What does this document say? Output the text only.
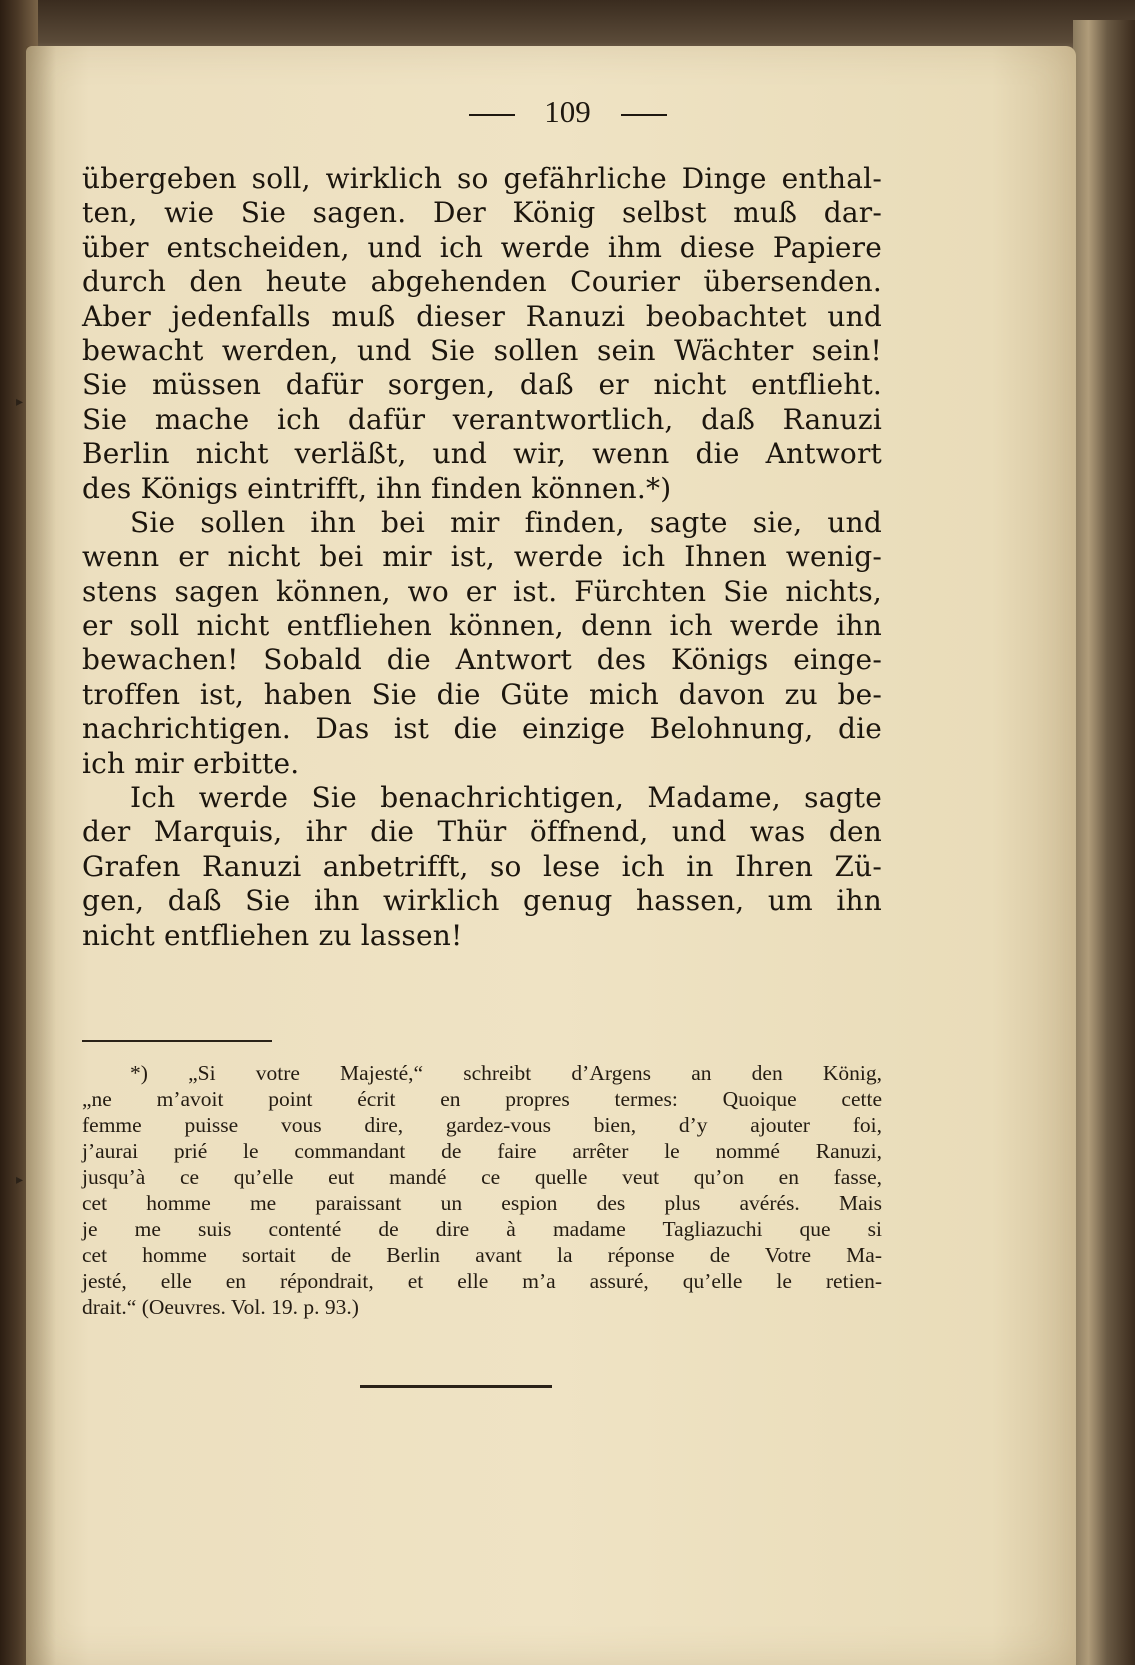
▸
▸
109
übergeben soll, wirklich so gefährliche Dinge enthal-
ten, wie Sie sagen. Der König selbst muß dar-
über entscheiden, und ich werde ihm diese Papiere
durch den heute abgehenden Courier übersenden.
Aber jedenfalls muß dieser Ranuzi beobachtet und
bewacht werden, und Sie sollen sein Wächter sein!
Sie müssen dafür sorgen, daß er nicht entflieht.
Sie mache ich dafür verantwortlich, daß Ranuzi
Berlin nicht verläßt, und wir, wenn die Antwort
des Königs eintrifft, ihn finden können.*)
Sie sollen ihn bei mir finden, sagte sie, und
wenn er nicht bei mir ist, werde ich Ihnen wenig-
stens sagen können, wo er ist. Fürchten Sie nichts,
er soll nicht entfliehen können, denn ich werde ihn
bewachen! Sobald die Antwort des Königs einge-
troffen ist, haben Sie die Güte mich davon zu be-
nachrichtigen. Das ist die einzige Belohnung, die
ich mir erbitte.
Ich werde Sie benachrichtigen, Madame, sagte
der Marquis, ihr die Thür öffnend, und was den
Grafen Ranuzi anbetrifft, so lese ich in Ihren Zü-
gen, daß Sie ihn wirklich genug hassen, um ihn
nicht entfliehen zu lassen!
*) „Si votre Majesté,“ schreibt d’Argens an den König,
„ne m’avoit point écrit en propres termes: Quoique cette
femme puisse vous dire, gardez-vous bien, d’y ajouter foi,
j’aurai prié le commandant de faire arrêter le nommé Ranuzi,
jusqu’à ce qu’elle eut mandé ce quelle veut qu’on en fasse,
cet homme me paraissant un espion des plus avérés. Mais
je me suis contenté de dire à madame Tagliazuchi que si
cet homme sortait de Berlin avant la réponse de Votre Ma-
jesté, elle en répondrait, et elle m’a assuré, qu’elle le retien-
drait.“ (Oeuvres. Vol. 19. p. 93.)
